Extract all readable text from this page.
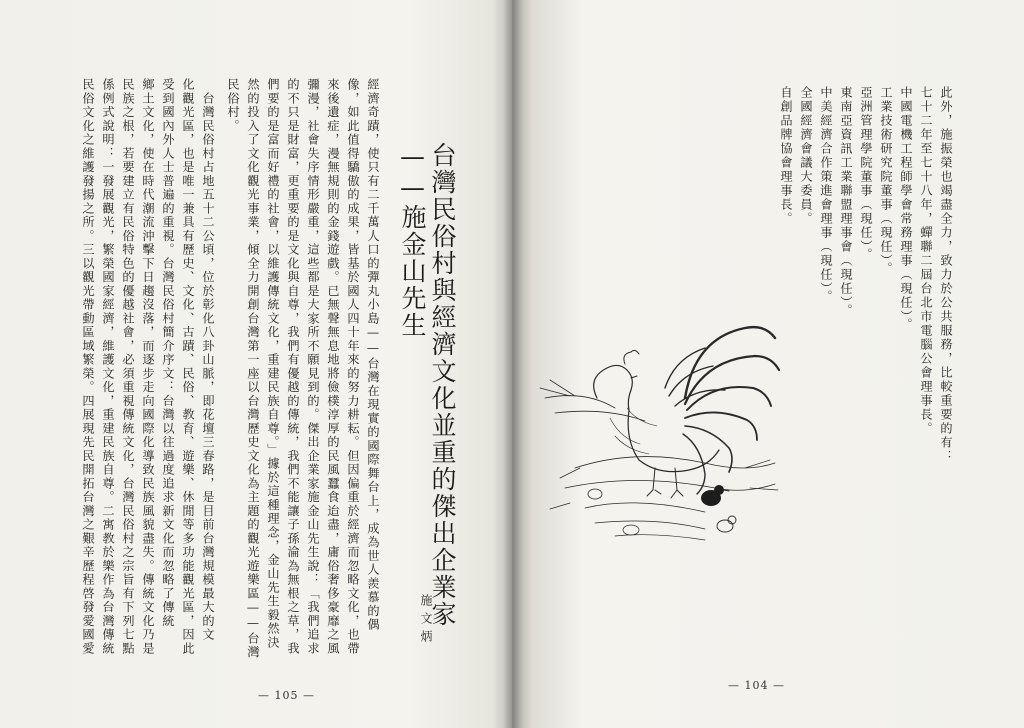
台灣民俗村與經濟文化並重的傑出企業家
——施金山先生
施文炳
經濟奇蹟，使只有二千萬人口的彈丸小島——台灣在現實的國際舞台上，成為世人羨慕的偶
像，如此值得驕傲的成果，皆基於國人四十年來的努力耕耘。但因偏重於經濟而忽略文化，也帶
來後遺症，漫無規則的金錢遊戲。已無聲無息地將儉樸淳厚的民風蠶食迨盡，庸俗奢侈豪靡之風
彌漫，社會失序情形嚴重，這些都是大家所不願見到的。傑出企業家施金山先生說：「我們追求
的不只是財富，更重要的是文化與自尊，我們有優越的傳統，我們不能讓子孫淪為無根之草，我
們要的是富而好禮的社會，以維護傳統文化，重建民族自尊。」據於這種理念，金山先生毅然決
然的投入了文化觀光事業，傾全力開創台灣第一座以台灣歷史文化為主題的觀光遊樂區——台灣
民俗村。
　台灣民俗村占地五十二公頃，位於彰化八卦山脈，即花壇三春路，是目前台灣規模最大的文
化觀光區，也是唯一兼具有歷史、文化、古蹟、民俗、教育、遊樂、休閒等多功能觀光區，因此
受到國內外人士普遍的重視。台灣民俗村簡介序文：台灣以往過度追求新文化而忽略了傳統
鄉土文化，使在時代潮流沖擊下日趨沒落，而逐步走向國際化導致民族風貌盡失。傳統文化乃是
民族之根，若要建立有民俗特色的優越社會，必須重視傳統文化，台灣民俗村之宗旨有下列七點
係例式說明：一發展觀光，繁榮國家經濟，維護文化，重建民族自尊。二寓教於樂作為台灣傳統
民俗文化之維護發揚之所。三以觀光帶動區域繁榮。四展現先民開拓台灣之艱辛歷程啓發愛國愛
— 105 —
此外，施振榮也竭盡全力，致力於公共服務，比較重要的有：
七十二年至七十八年，蟬聯二屆台北市電腦公會理事長。
中國電機工程師學會常務理事（現任）。
工業技術研究院董事（現任）。
亞洲管理學院董事（現任）。
東南亞資訊工業聯盟理事會（現任）。
中美經濟合作策進會理事（現任）。
全國經濟會議大委員。
自創品牌協會理事長。
— 104 —
